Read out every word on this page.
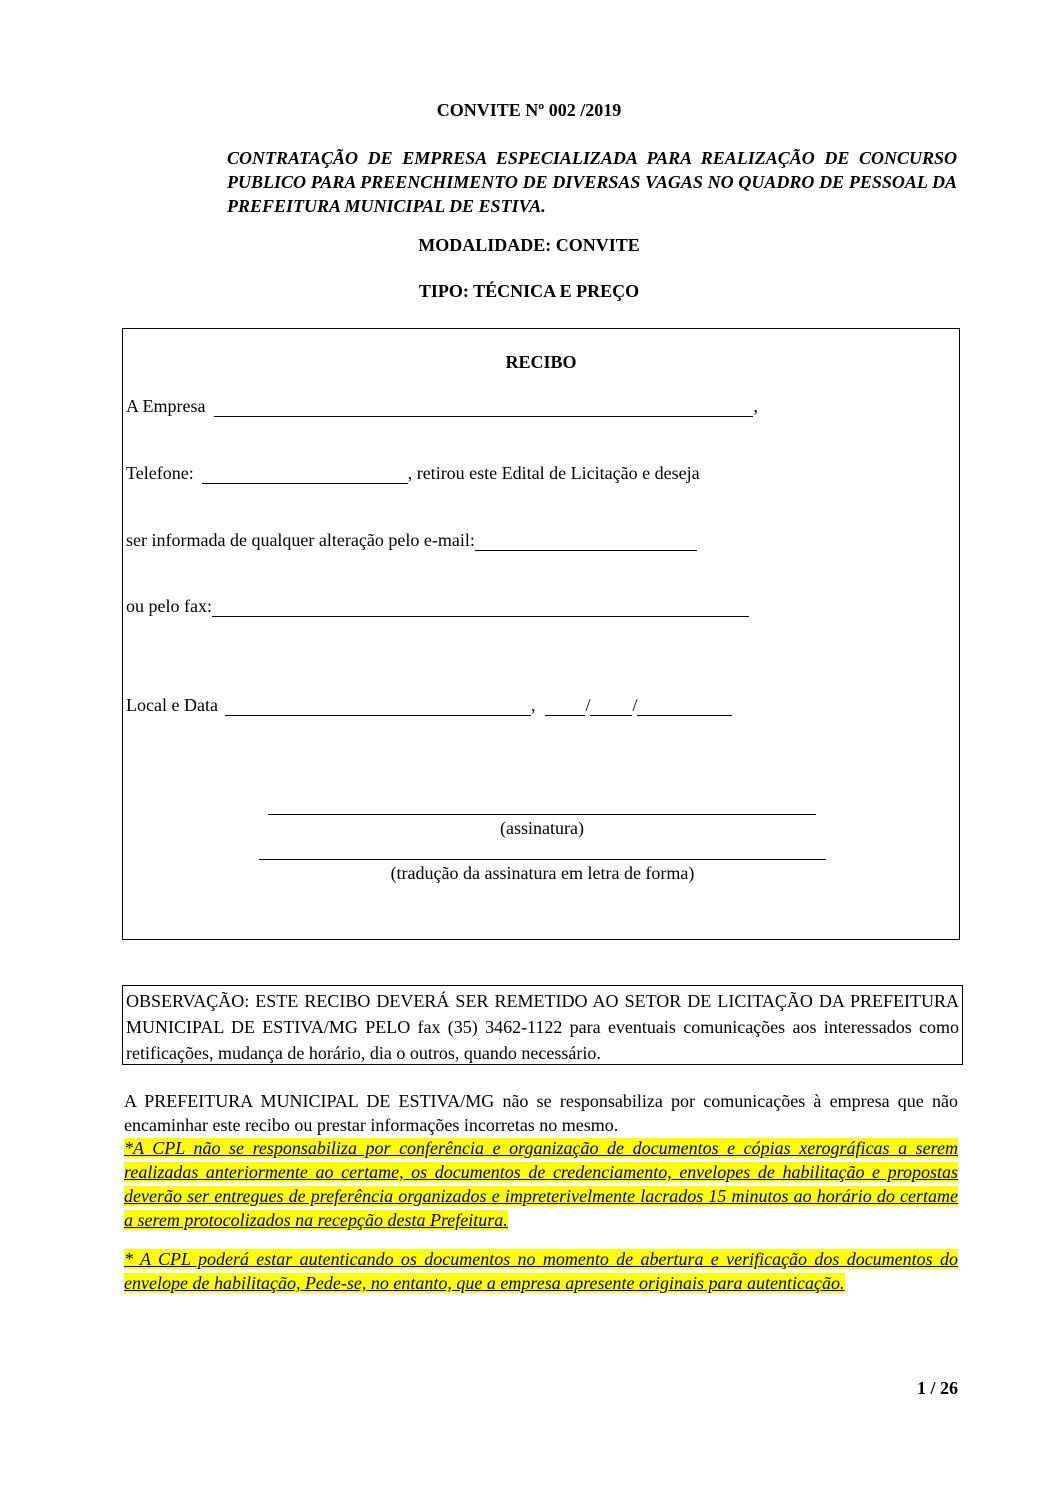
CONVITE Nº 002 /2019
CONTRATAÇÃO DE EMPRESA ESPECIALIZADA PARA REALIZAÇÃO DE CONCURSO PUBLICO PARA PREENCHIMENTO DE DIVERSAS VAGAS NO QUADRO DE PESSOAL DA PREFEITURA MUNICIPAL DE ESTIVA.
MODALIDADE: CONVITE
TIPO: TÉCNICA E PREÇO
RECIBO
A Empresa	,
Telefone:	, retirou este Edital de Licitação e deseja
ser informada de qualquer alteração pelo e-mail:
ou pelo fax:
Local e Data	,	/ /
(assinatura)
(tradução da assinatura em letra de forma)
OBSERVAÇÃO: ESTE RECIBO DEVERÁ SER REMETIDO AO SETOR DE LICITAÇÃO DA PREFEITURA MUNICIPAL DE ESTIVA/MG PELO fax (35) 3462-1122 para eventuais comunicações aos interessados como retificações, mudança de horário, dia o outros, quando necessário.
A PREFEITURA MUNICIPAL DE ESTIVA/MG não se responsabiliza por comunicações à empresa que não encaminhar este recibo ou prestar informações incorretas no mesmo.
*A CPL não se responsabiliza por conferência e organização de documentos e cópias xerográficas a serem realizadas anteriormente ao certame, os documentos de credenciamento, envelopes de habilitação e propostas deverão ser entregues de preferência organizados e impreterivelmente lacrados 15 minutos ao horário do certame a serem protocolizados na recepção desta Prefeitura.
* A CPL poderá estar autenticando os documentos no momento de abertura e verificação dos documentos do envelope de habilitação, Pede-se, no entanto, que a empresa apresente originais para autenticação.
1 / 26
